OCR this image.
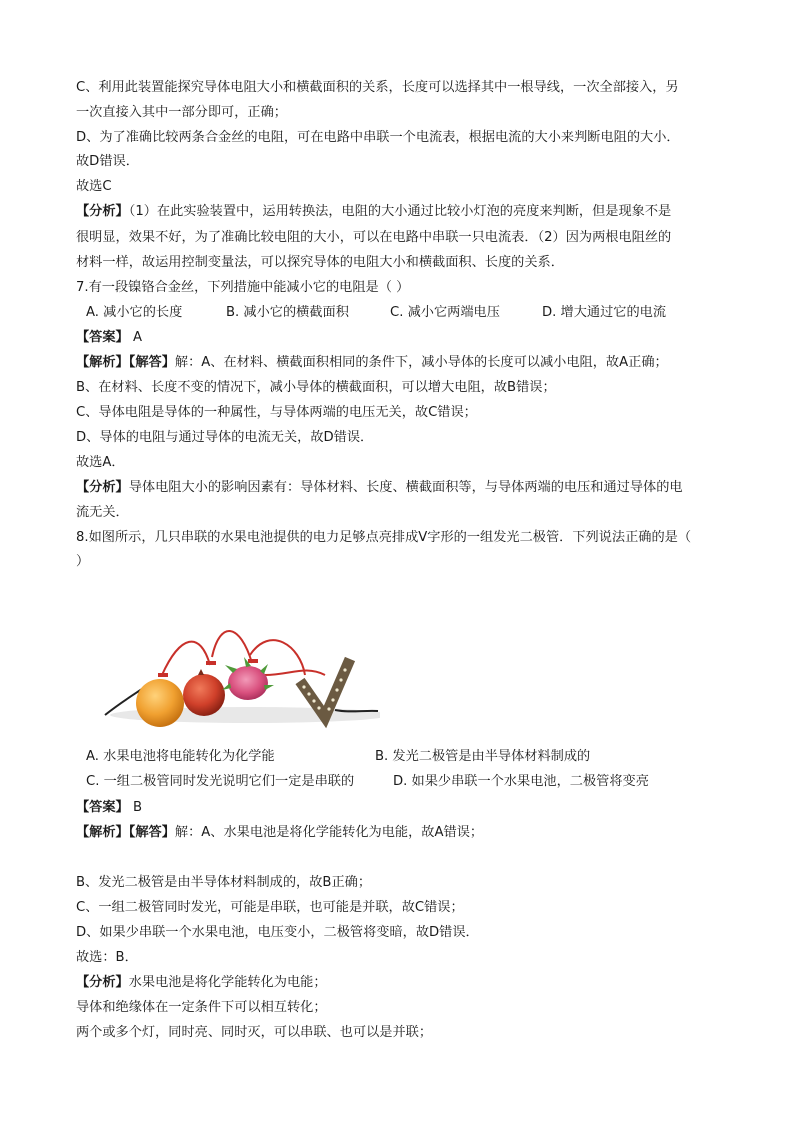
C、利用此装置能探究导体电阻大小和横截面积的关系，长度可以选择其中一根导线，一次全部接入，另
一次直接入其中一部分即可，正确；
D、为了准确比较两条合金丝的电阻，可在电路中串联一个电流表，根据电流的大小来判断电阻的大小．
故D错误．
故选C
【分析】（1）在此实验装置中，运用转换法，电阻的大小通过比较小灯泡的亮度来判断，但是现象不是
很明显，效果不好，为了准确比较电阻的大小，可以在电路中串联一只电流表．（2）因为两根电阻丝的
材料一样，故运用控制变量法，可以探究导体的电阻大小和横截面积、长度的关系．
7.有一段镍铬合金丝，下列措施中能减小它的电阻是（ ）
A. 减小它的长度	B. 减小它的横截面积	C. 减小它两端电压	D. 增大通过它的电流
【答案】 A
【解析】【解答】解：A、在材料、横截面积相同的条件下，减小导体的长度可以减小电阻，故A正确；
B、在材料、长度不变的情况下，减小导体的横截面积，可以增大电阻，故B错误；
C、导体电阻是导体的一种属性，与导体两端的电压无关，故C错误；
D、导体的电阻与通过导体的电流无关，故D错误．
故选A．
【分析】导体电阻大小的影响因素有：导体材料、长度、横截面积等，与导体两端的电压和通过导体的电
流无关．
8.如图所示，几只串联的水果电池提供的电力足够点亮排成V字形的一组发光二极管．下列说法正确的是（
）
A. 水果电池将电能转化为化学能	B. 发光二极管是由半导体材料制成的
C. 一组二极管同时发光说明它们一定是串联的	D. 如果少串联一个水果电池，二极管将变亮
【答案】 B
【解析】【解答】解：A、水果电池是将化学能转化为电能，故A错误；
B、发光二极管是由半导体材料制成的，故B正确；
C、一组二极管同时发光，可能是串联，也可能是并联，故C错误；
D、如果少串联一个水果电池，电压变小，二极管将变暗，故D错误．
故选：B．
【分析】水果电池是将化学能转化为电能；
导体和绝缘体在一定条件下可以相互转化；
两个或多个灯，同时亮、同时灭，可以串联、也可以是并联；
